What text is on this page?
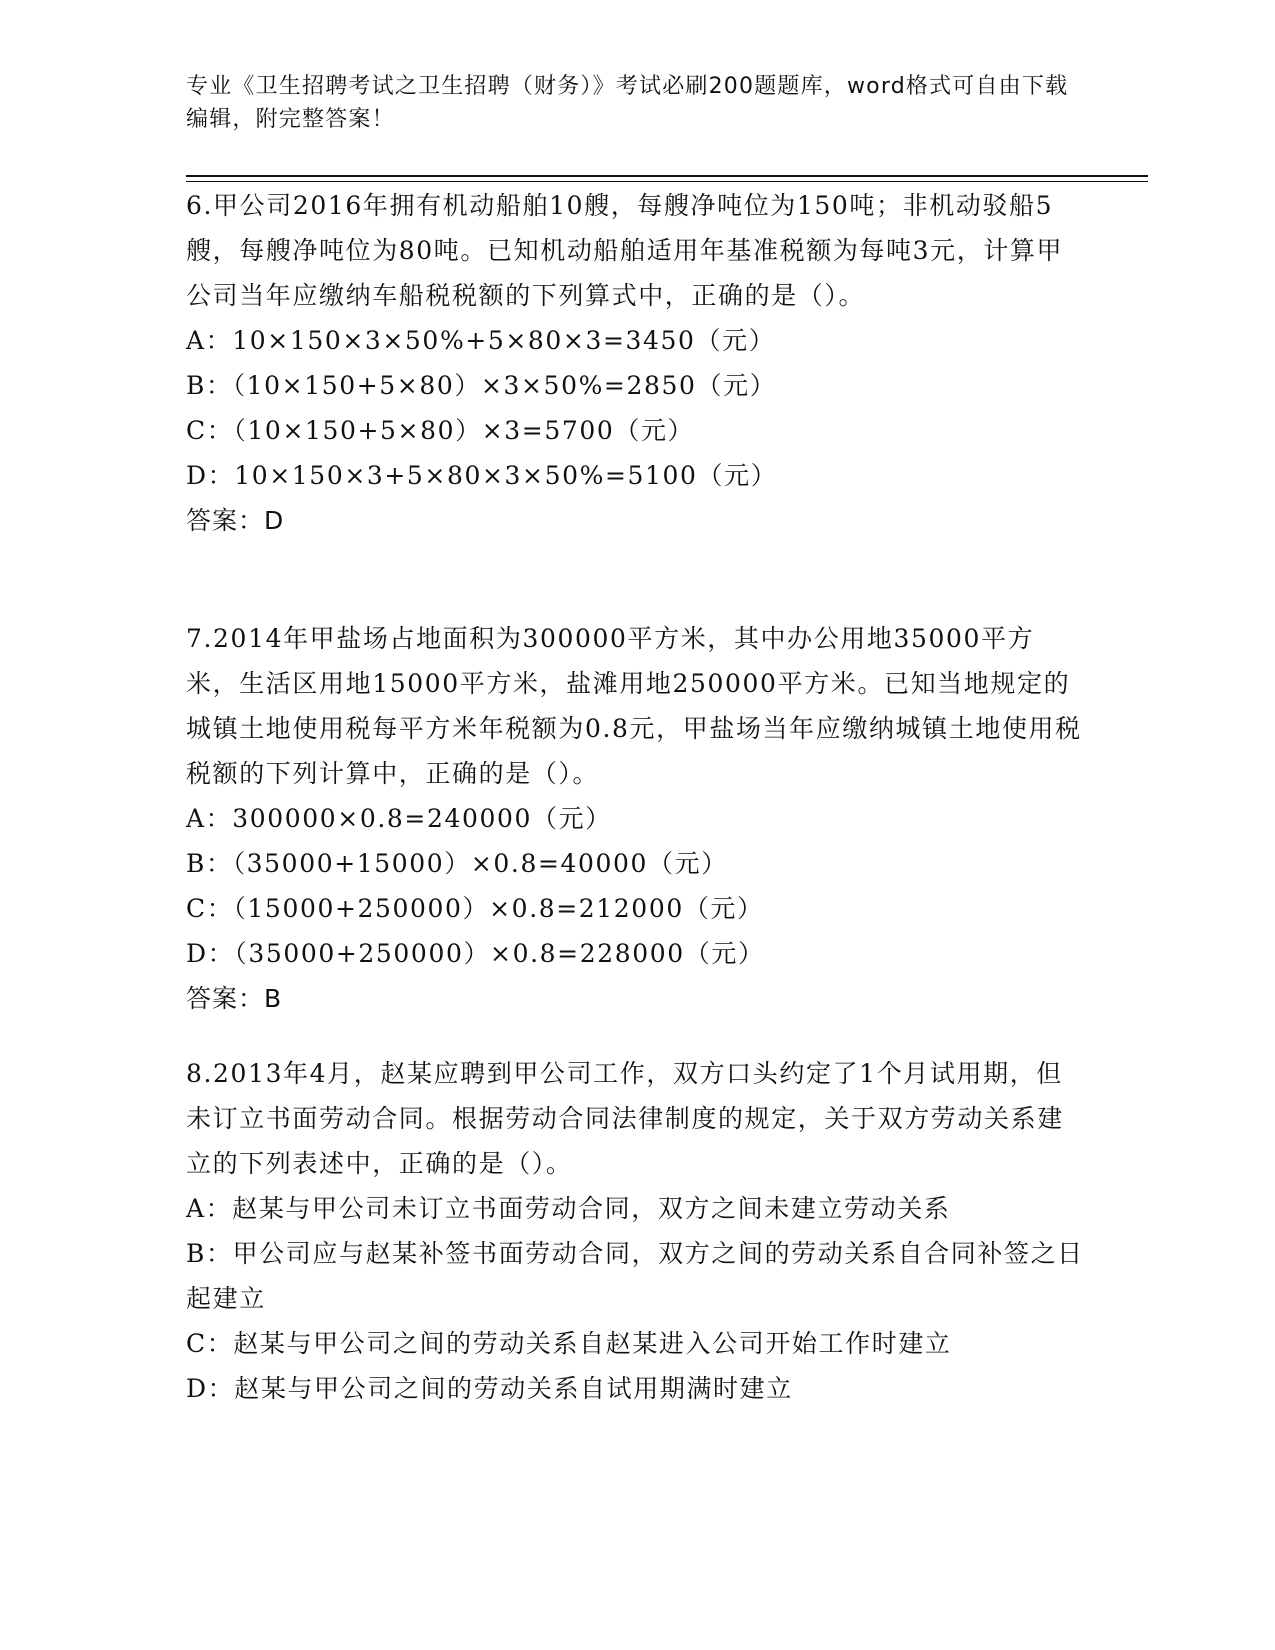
专业《卫生招聘考试之卫生招聘（财务）》考试必刷200题题库，word格式可自由下载编辑，附完整答案！

6.甲公司2016年拥有机动船舶10艘，每艘净吨位为150吨；非机动驳船5艘，每艘净吨位为80吨。已知机动船舶适用年基准税额为每吨3元，计算甲公司当年应缴纳车船税税额的下列算式中，正确的是（）。

A：10×150×3×50%+5×80×3=3450（元）

B：（10×150+5×80）×3×50%=2850（元）

C：（10×150+5×80）×3=5700（元）

D：10×150×3+5×80×3×50%=5100（元）

答案：D

7.2014年甲盐场占地面积为300000平方米，其中办公用地35000平方米，生活区用地15000平方米，盐滩用地250000平方米。已知当地规定的城镇土地使用税每平方米年税额为0.8元，甲盐场当年应缴纳城镇土地使用税税额的下列计算中，正确的是（）。

A：300000×0.8=240000（元）

B：（35000+15000）×0.8=40000（元）

C：（15000+250000）×0.8=212000（元）

D：（35000+250000）×0.8=228000（元）

答案：B

8.2013年4月，赵某应聘到甲公司工作，双方口头约定了1个月试用期，但未订立书面劳动合同。根据劳动合同法律制度的规定，关于双方劳动关系建立的下列表述中，正确的是（）。

A：赵某与甲公司未订立书面劳动合同，双方之间未建立劳动关系

B：甲公司应与赵某补签书面劳动合同，双方之间的劳动关系自合同补签之日起建立

C：赵某与甲公司之间的劳动关系自赵某进入公司开始工作时建立

D：赵某与甲公司之间的劳动关系自试用期满时建立
